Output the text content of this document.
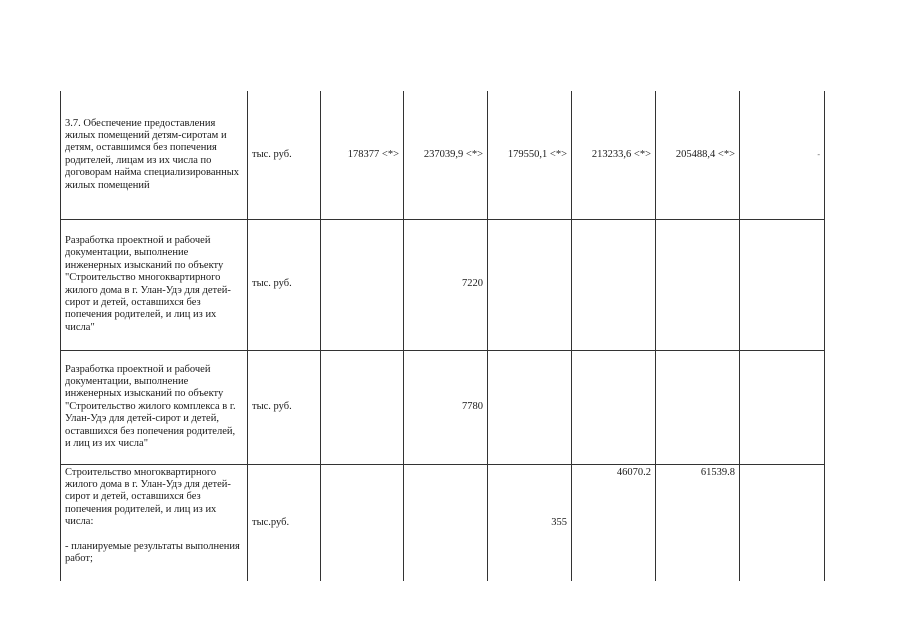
3.7. Обеспечение предоставления жилых помещений детям-сиротам и детям, оставшимся без попечения родителей, лицам из их числа по договорам найма специализированных жилых помещений	тыс. руб.	178377 <*>	237039,9 <*>	179550,1 <*>	213233,6 <*>	205488,4 <*>	-

Разработка проектной и рабочей документации, выполнение инженерных изысканий по объекту "Строительство многоквартирного жилого дома в г. Улан-Удэ для детей-сирот и детей, оставшихся без попечения родителей, и лиц из их числа"	тыс. руб.		7220				

Разработка проектной и рабочей документации, выполнение инженерных изысканий по объекту "Строительство жилого комплекса в г. Улан-Удэ для детей-сирот и детей, оставшихся без попечения родителей, и лиц из их числа"	тыс. руб.		7780				

Строительство многоквартирного жилого дома в г. Улан-Удэ для детей-сирот и детей, оставшихся без попечения родителей, и лиц из их числа:
- планируемые результаты выполнения работ;	тыс.руб.			355	46070.2	61539.8	
